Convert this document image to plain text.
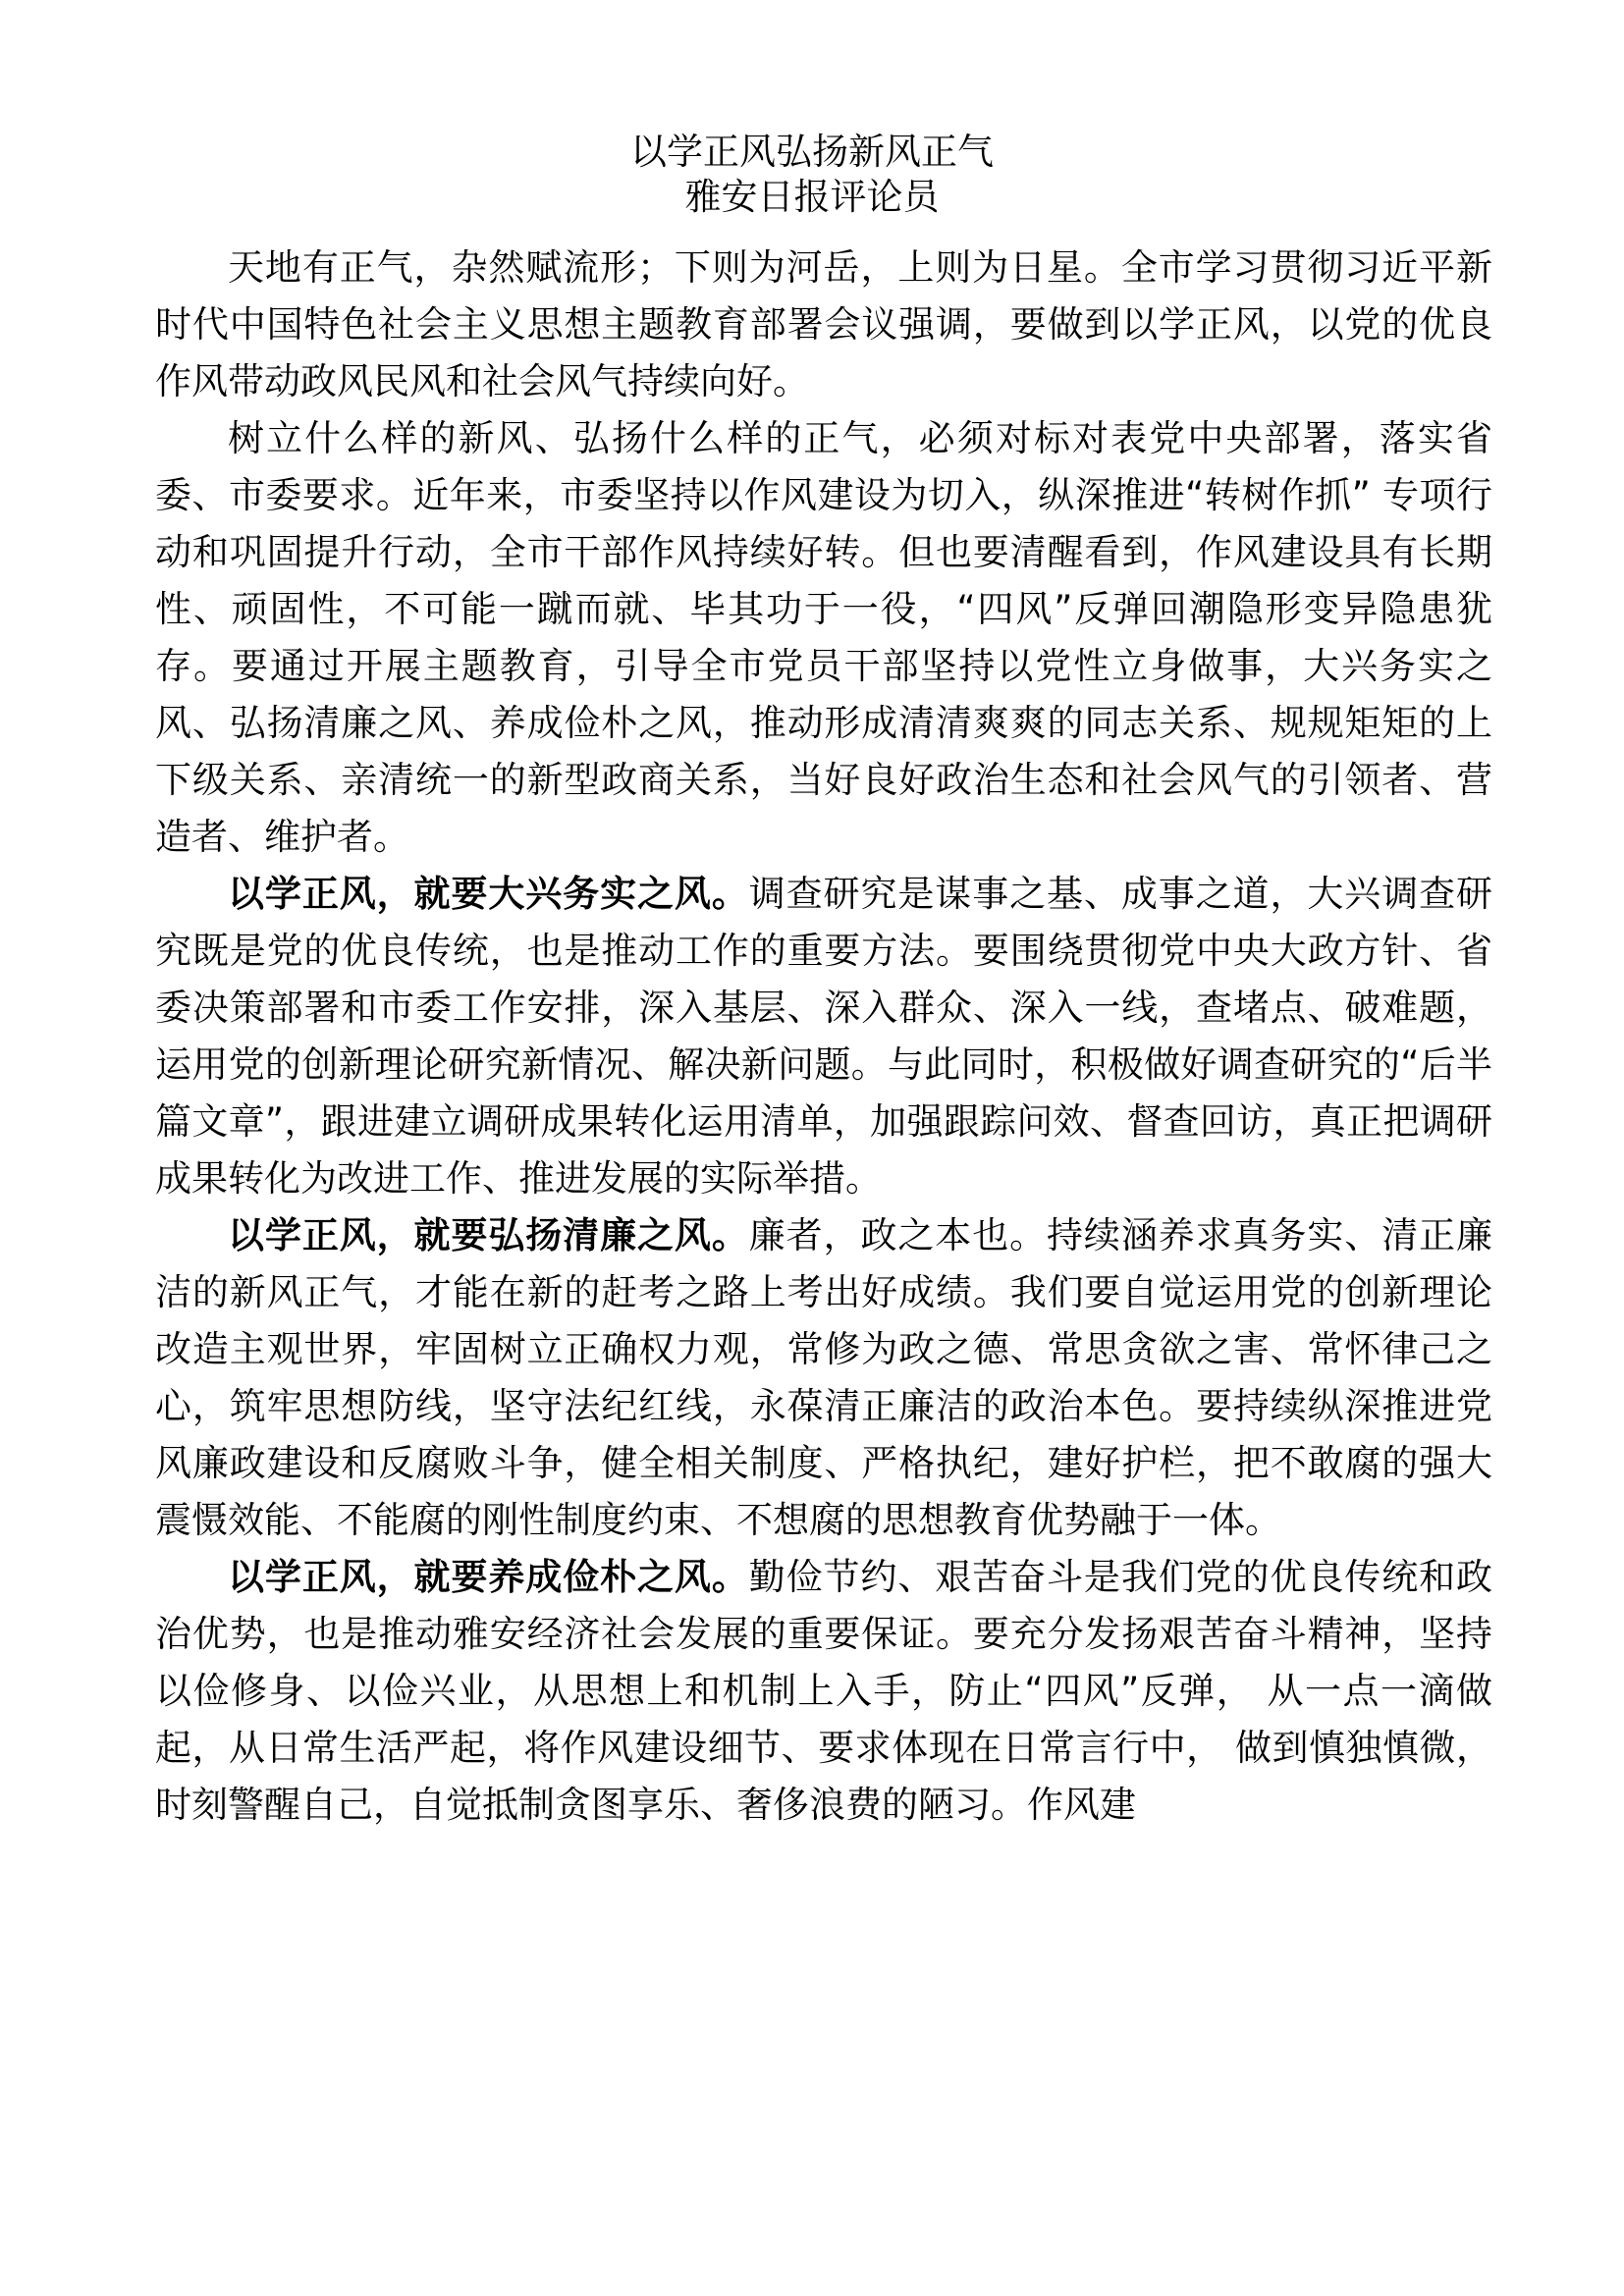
以学正风弘扬新风正气
雅安日报评论员

天地有正气，杂然赋流形；下则为河岳，上则为日星。全市学习贯彻习近平新时代中国特色社会主义思想主题教育部署会议强调，要做到以学正风，以党的优良作风带动政风民风和社会风气持续向好。

树立什么样的新风、弘扬什么样的正气，必须对标对表党中央部署，落实省委、市委要求。近年来，市委坚持以作风建设为切入，纵深推进“转树作抓” 专项行动和巩固提升行动，全市干部作风持续好转。但也要清醒看到，作风建设具有长期性、顽固性，不可能一蹴而就、毕其功于一役，“四风”反弹回潮隐形变异隐患犹存。要通过开展主题教育，引导全市党员干部坚持以党性立身做事，大兴务实之风、弘扬清廉之风、养成俭朴之风，推动形成清清爽爽的同志关系、规规矩矩的上下级关系、亲清统一的新型政商关系，当好良好政治生态和社会风气的引领者、营造者、维护者。

以学正风，就要大兴务实之风。调查研究是谋事之基、成事之道，大兴调查研究既是党的优良传统，也是推动工作的重要方法。要围绕贯彻党中央大政方针、省委决策部署和市委工作安排，深入基层、深入群众、深入一线，查堵点、破难题，运用党的创新理论研究新情况、解决新问题。与此同时，积极做好调查研究的“后半篇文章”，跟进建立调研成果转化运用清单，加强跟踪问效、督查回访，真正把调研成果转化为改进工作、推进发展的实际举措。

以学正风，就要弘扬清廉之风。廉者，政之本也。持续涵养求真务实、清正廉洁的新风正气，才能在新的赶考之路上考出好成绩。我们要自觉运用党的创新理论改造主观世界，牢固树立正确权力观，常修为政之德、常思贪欲之害、常怀律己之心，筑牢思想防线，坚守法纪红线，永葆清正廉洁的政治本色。要持续纵深推进党风廉政建设和反腐败斗争，健全相关制度、严格执纪，建好护栏，把不敢腐的强大震慑效能、不能腐的刚性制度约束、不想腐的思想教育优势融于一体。

以学正风，就要养成俭朴之风。勤俭节约、艰苦奋斗是我们党的优良传统和政治优势，也是推动雅安经济社会发展的重要保证。要充分发扬艰苦奋斗精神，坚持以俭修身、以俭兴业，从思想上和机制上入手，防止“四风”反弹， 从一点一滴做起，从日常生活严起，将作风建设细节、要求体现在日常言行中， 做到慎独慎微，时刻警醒自己，自觉抵制贪图享乐、奢侈浪费的陋习。作风建
